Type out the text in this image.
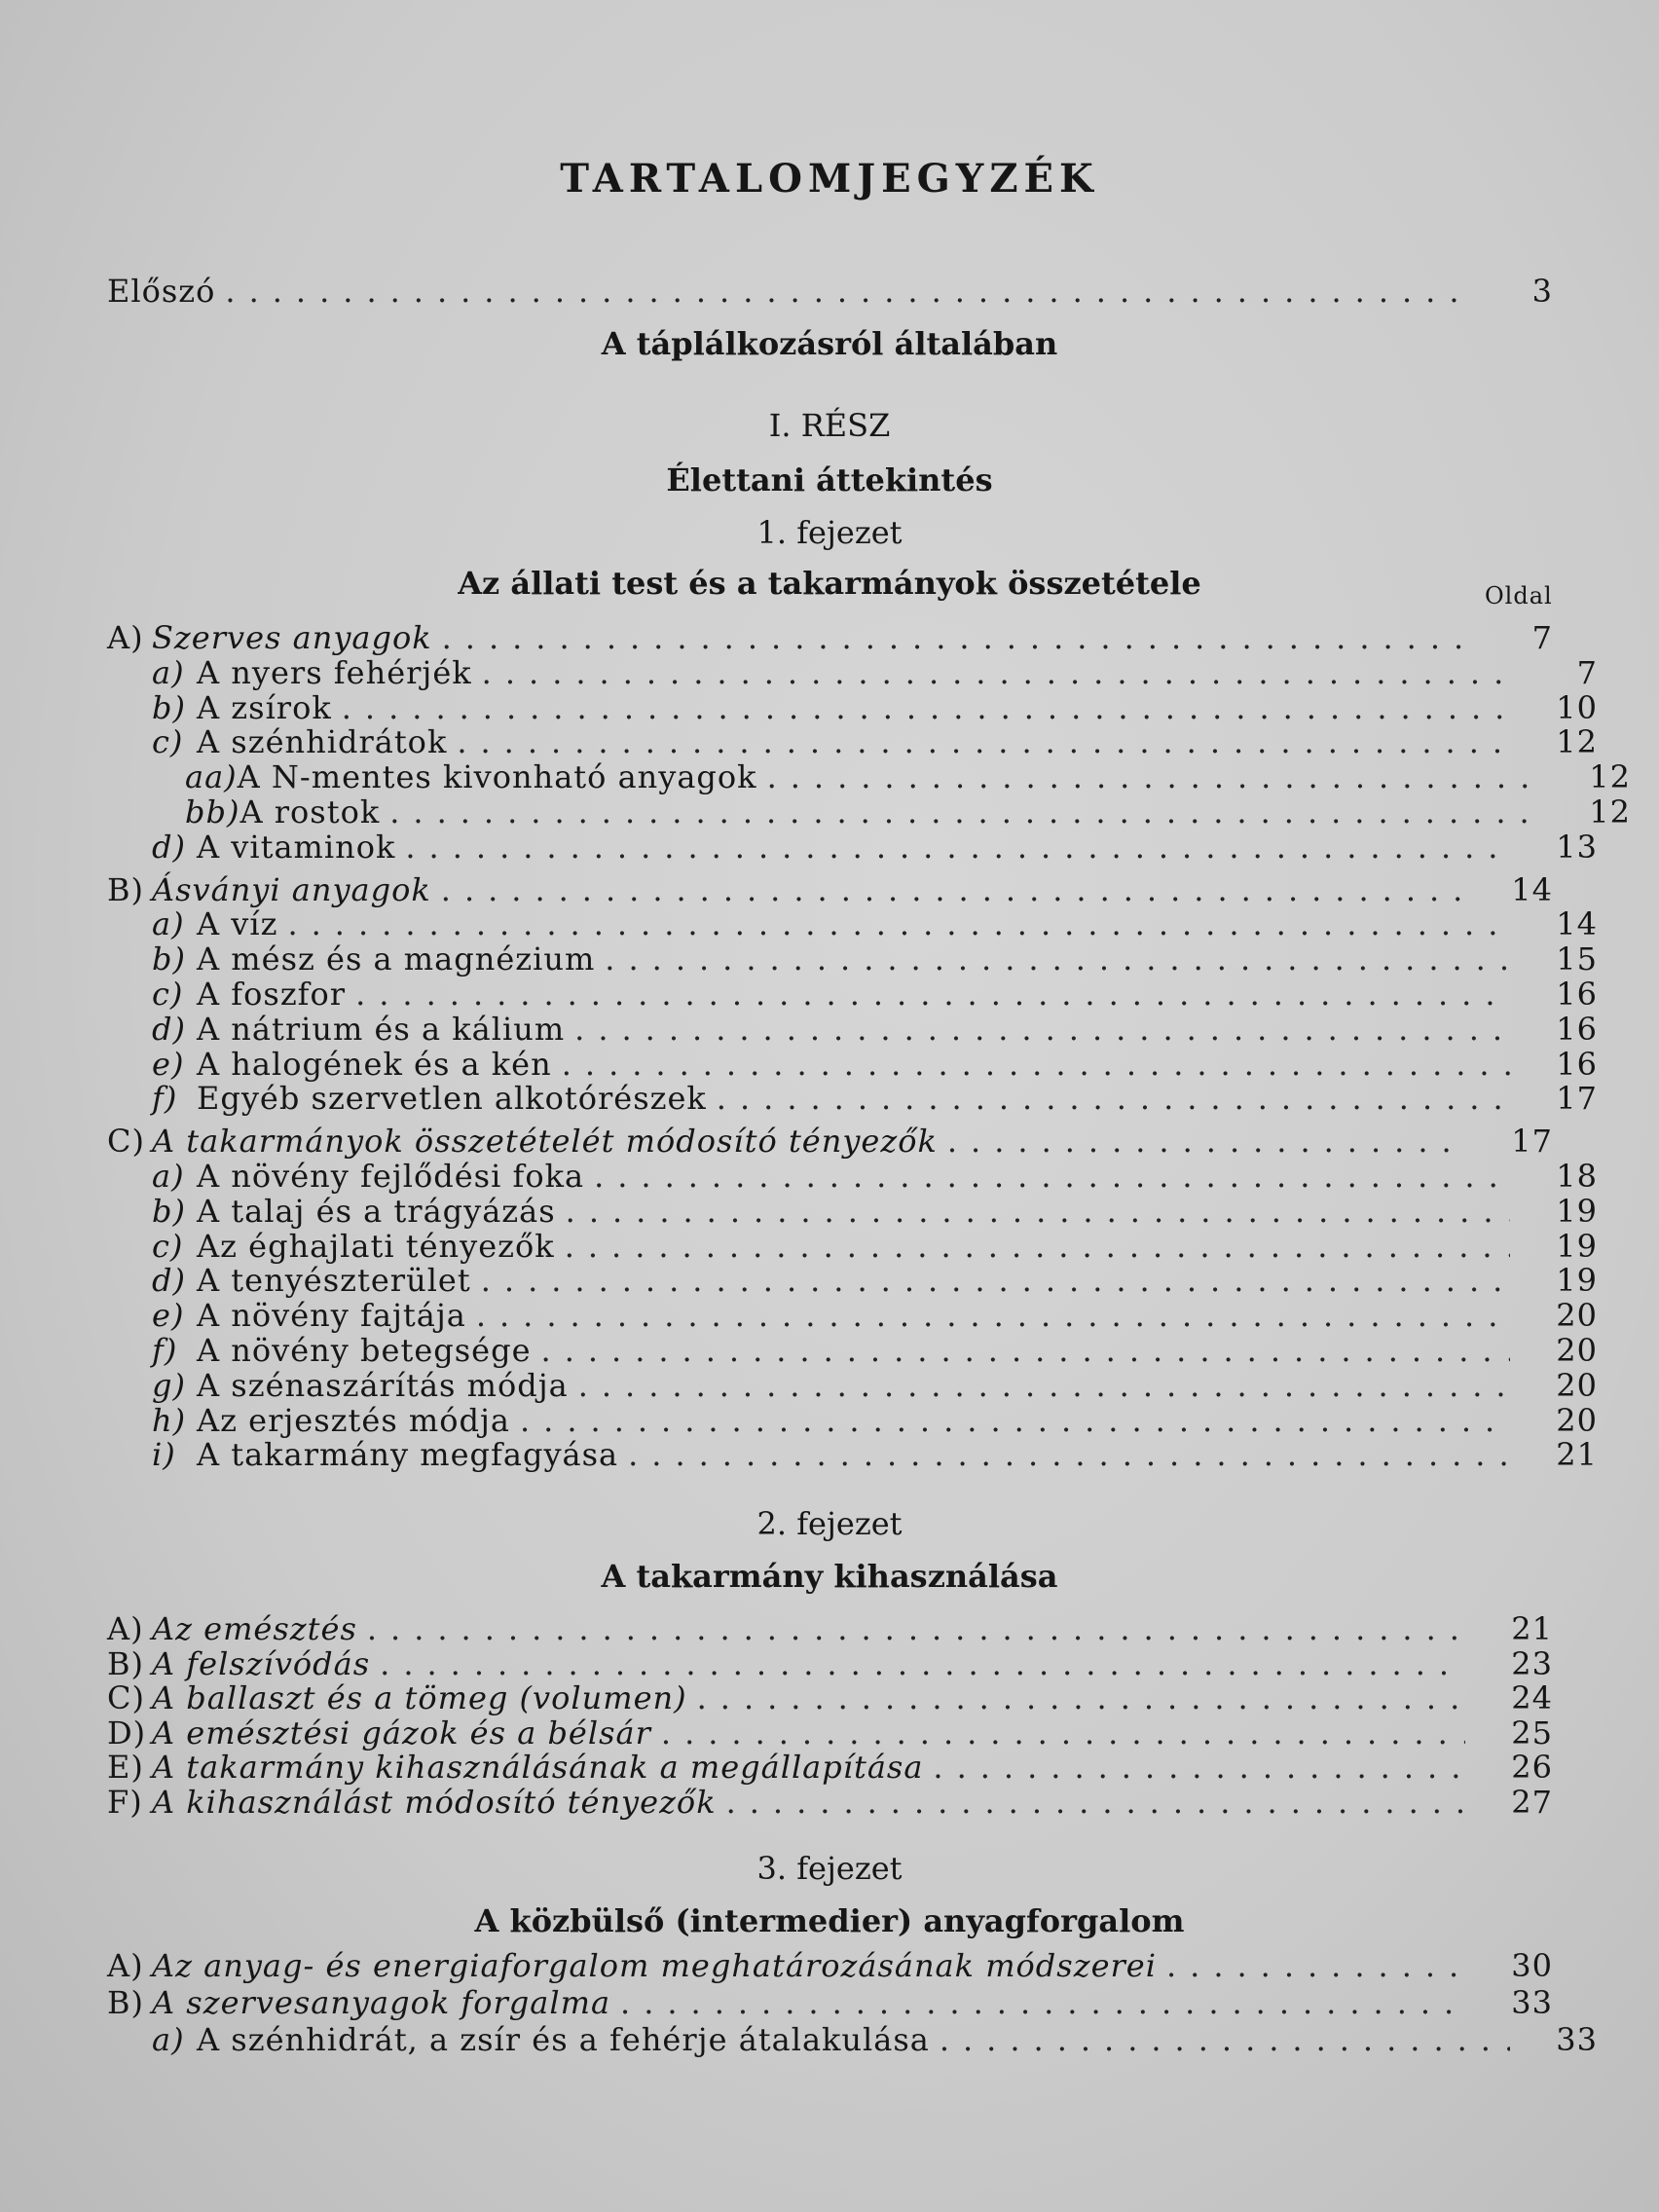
TARTALOMJEGYZÉK
Előszó .....	3
A táplálkozásról általában
I. RÉSZ
Élettani áttekintés
1. fejezet
Az állati test és a takarmányok összetétele	Oldal
A) Szerves anyagok .....	7
a) A nyers fehérjék .....	7
b) A zsírok .....	10
c) A szénhidrátok .....	12
aa) A N-mentes kivonható anyagok .....	12
bb) A rostok .....	12
d) A vitaminok .....	13
B) Ásványi anyagok .....	14
a) A víz .....	14
b) A mész és a magnézium .....	15
c) A foszfor .....	16
d) A nátrium és a kálium .....	16
e) A halogének és a kén .....	16
f) Egyéb szervetlen alkotórészek .....	17
C) A takarmányok összetételét módosító tényezők .....	17
a) A növény fejlődési foka .....	18
b) A talaj és a trágyázás .....	19
c) Az éghajlati tényezők .....	19
d) A tenyészterület .....	19
e) A növény fajtája .....	20
f) A növény betegsége .....	20
g) A szénaszárítás módja .....	20
h) Az erjesztés módja .....	20
i) A takarmány megfagyása .....	21
2. fejezet
A takarmány kihasználása
A) Az emésztés .....	21
B) A felszívódás .....	23
C) A ballaszt és a tömeg (volumen) .....	24
D) A emésztési gázok és a bélsár .....	25
E) A takarmány kihasználásának a megállapítása .....	26
F) A kihasználást módosító tényezők .....	27
3. fejezet
A közbülső (intermedier) anyagforgalom
A) Az anyag- és energiaforgalom meghatározásának módszerei .....	30
B) A szervesanyagok forgalma .....	33
a) A szénhidrát, a zsír és a fehérje átalakulása .....	33
